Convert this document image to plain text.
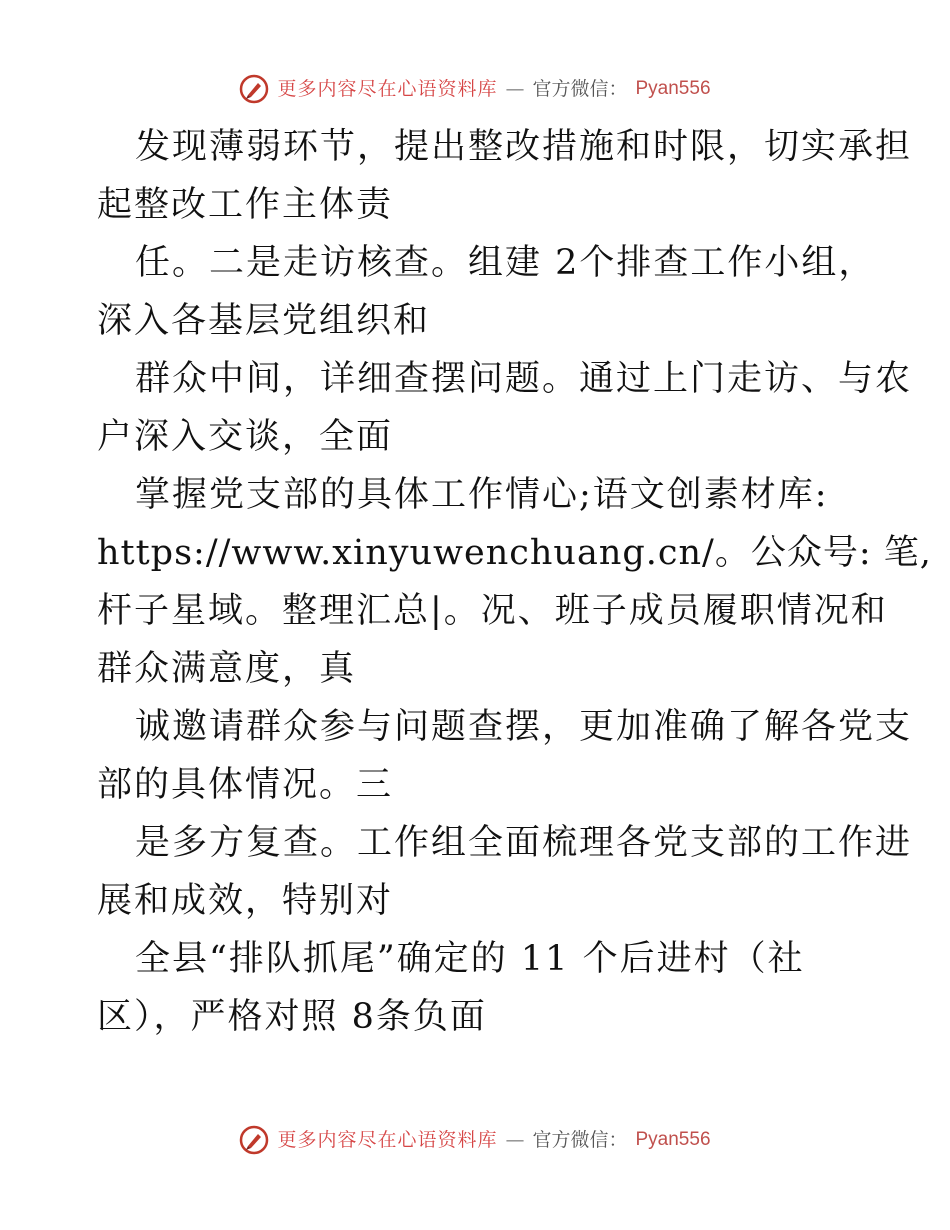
更多内容尽在心语资料库 — 官方微信： Pyan556

发现薄弱环节，提出整改措施和时限，切实承担

起整改工作主体责

任。二是走访核查。组建 2个排查工作小组，

深入各基层党组织和

群众中间，详细查摆问题。通过上门走访、与农

户深入交谈，全面

掌握党支部的具体工作情心;语文创素材库:

https://www.xinyuwenchuang.cn/。公众号: 笔,

杆子星域。整理汇总|。况、班子成员履职情况和

群众满意度，真

诚邀请群众参与问题查摆，更加准确了解各党支

部的具体情况。三

是多方复查。工作组全面梳理各党支部的工作进

展和成效，特别对

全县“排队抓尾”确定的 11 个后进村（社

区），严格对照 8条负面

更多内容尽在心语资料库 — 官方微信： Pyan556
